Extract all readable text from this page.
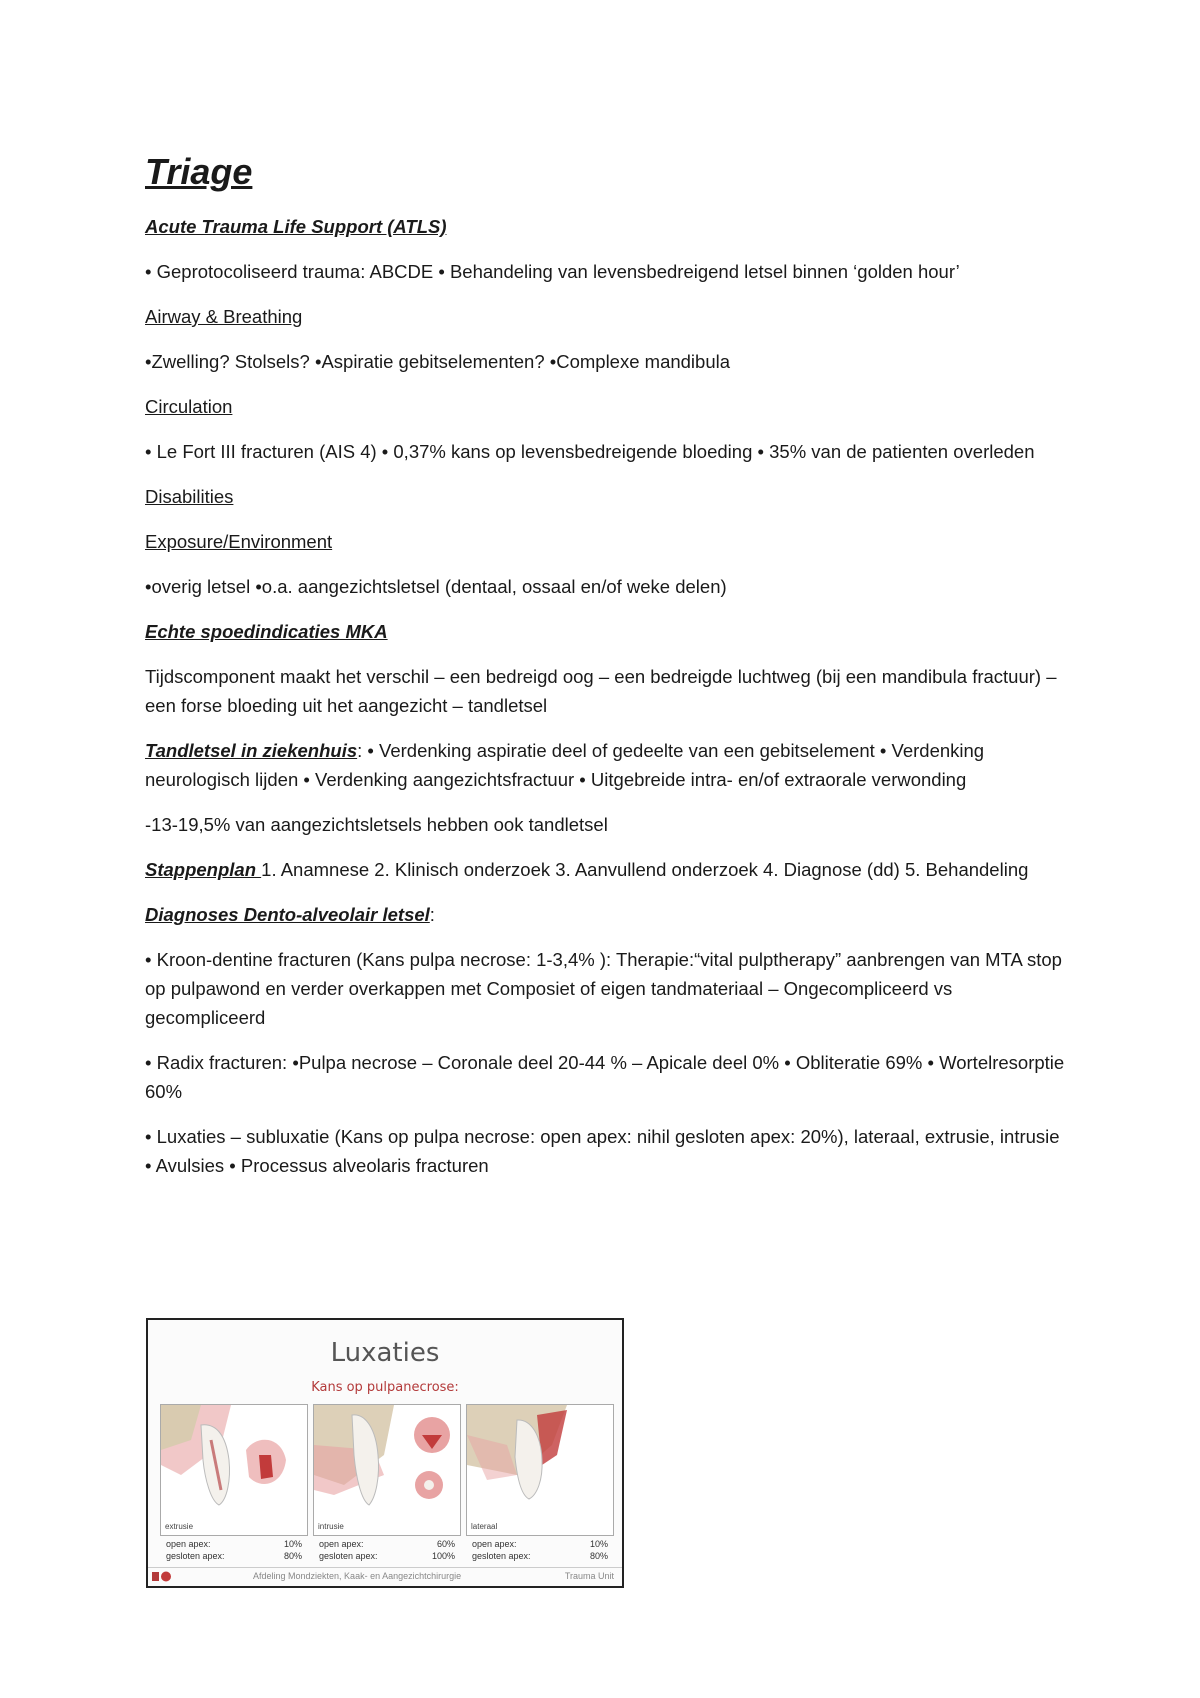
Triage
Acute Trauma Life Support (ATLS)
• Geprotocoliseerd trauma: ABCDE • Behandeling van levensbedreigend letsel binnen ‘golden hour’
Airway & Breathing
•Zwelling? Stolsels? •Aspiratie gebitselementen? •Complexe mandibula
Circulation
• Le Fort III fracturen (AIS 4) • 0,37% kans op levensbedreigende bloeding • 35% van de patienten overleden
Disabilities
Exposure/Environment
•overig letsel •o.a. aangezichtsletsel (dentaal, ossaal en/of weke delen)
Echte spoedindicaties MKA
Tijdscomponent maakt het verschil – een bedreigd oog – een bedreigde luchtweg (bij een mandibula fractuur) – een forse bloeding uit het aangezicht – tandletsel
Tandletsel in ziekenhuis: • Verdenking aspiratie deel of gedeelte van een gebitselement • Verdenking neurologisch lijden • Verdenking aangezichtsfractuur • Uitgebreide intra- en/of extraorale verwonding
-13-19,5% van aangezichtsletsels hebben ook tandletsel
Stappenplan 1. Anamnese 2. Klinisch onderzoek 3. Aanvullend onderzoek 4. Diagnose (dd) 5. Behandeling
Diagnoses Dento-alveolair letsel:
• Kroon-dentine fracturen (Kans pulpa necrose: 1-3,4% ): Therapie:“vital pulptherapy” aanbrengen van MTA stop op pulpawond en verder overkappen met Composiet of eigen tandmateriaal – Ongecompliceerd vs gecompliceerd
• Radix fracturen: •Pulpa necrose – Coronale deel 20-44 % – Apicale deel 0% • Obliteratie 69% • Wortelresorptie 60%
• Luxaties – subluxatie (Kans op pulpa necrose: open apex: nihil gesloten apex: 20%), lateraal, extrusie, intrusie • Avulsies • Processus alveolaris fracturen
Luxaties
Kans op pulpanecrose:
extrusie
open apex:	10%
gesloten apex:	80%
intrusie
open apex:	60%
gesloten apex:	100%
lateraal
open apex:	10%
gesloten apex:	80%
Afdeling Mondziekten, Kaak- en Aangezichtchirurgie	Trauma Unit
